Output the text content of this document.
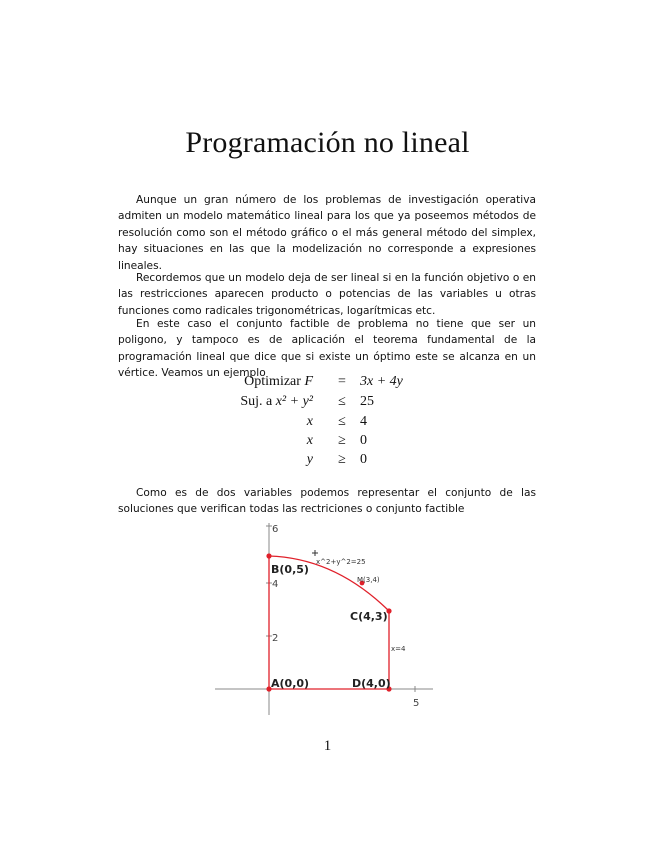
Programación no lineal

Aunque un gran número de los problemas de investigación operativa admiten un modelo matemático lineal para los que ya poseemos métodos de resolución como son el método gráfico o el más general método del simplex, hay situaciones en las que la modelización no corresponde a expresiones lineales.

Recordemos que un modelo deja de ser lineal si en la función objetivo o en las restricciones aparecen producto o potencias de las variables u otras funciones como radicales trigonométricas, logarítmicas etc.

En este caso el conjunto factible de problema no tiene que ser un poligono, y tampoco es de aplicación el teorema fundamental de la programación lineal que dice que si existe un óptimo este se alcanza en un vértice. Veamos un ejemplo

Optimizar F = 3x + 4y
Suj. a x² + y² ≤ 25
x ≤ 4
x ≥ 0
y ≥ 0

Como es de dos variables podemos representar el conjunto de las soluciones que verifican todas las rectriciones o conjunto factible

6
4
2
5
A(0,0)
B(0,5)
C(4,3)
D(4,0)
x^2+y^2=25
M(3,4)
x=4
1
